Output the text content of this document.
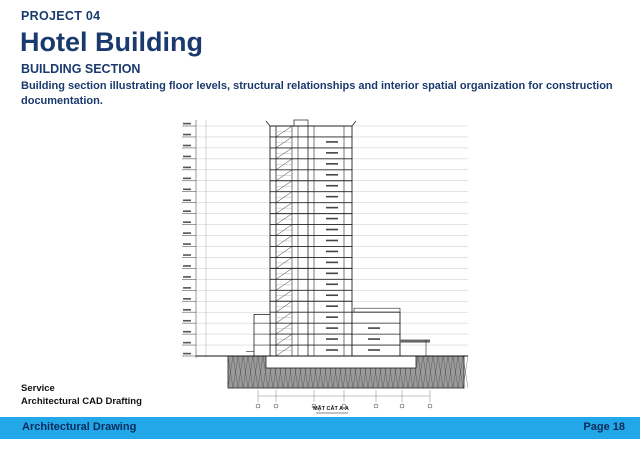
PROJECT 04
Hotel Building
BUILDING SECTION
Building section illustrating floor levels, structural relationships and interior spatial organization for construction documentation.
MẶT CẮT A-A
Service
Architectural CAD Drafting
Architectural Drawing	Page 18
